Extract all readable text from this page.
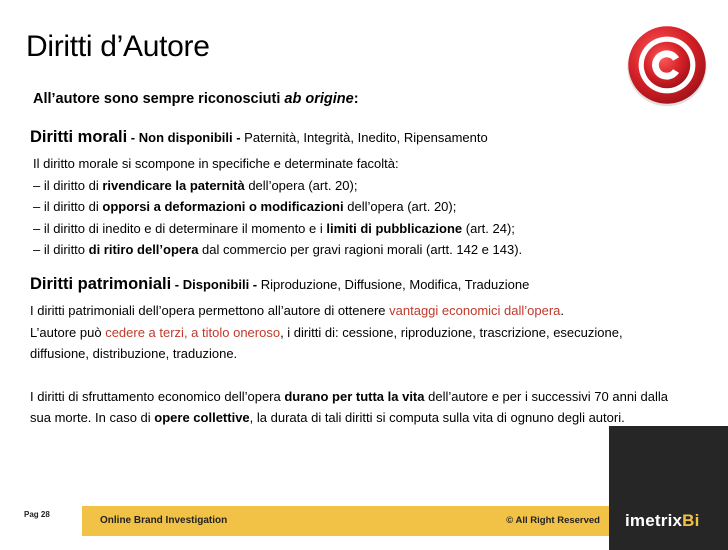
Diritti d’Autore
All’autore sono sempre riconosciuti ab origine:
Diritti morali - Non disponibili - Paternità, Integrità, Inedito, Ripensamento
Il diritto morale si scompone in specifiche e determinate facoltà:
– il diritto di rivendicare la paternità dell’opera (art. 20);
– il diritto di opporsi a deformazioni o modificazioni dell’opera (art. 20);
– il diritto di inedito e di determinare il momento e i limiti di pubblicazione (art. 24);
– il diritto di ritiro dell’opera dal commercio per gravi ragioni morali (artt. 142 e 143).
Diritti patrimoniali - Disponibili - Riproduzione, Diffusione, Modifica, Traduzione
I diritti patrimoniali dell’opera permettono all’autore di ottenere vantaggi economici dall’opera.
L’autore può cedere a terzi, a titolo oneroso, i diritti di: cessione, riproduzione, trascrizione, esecuzione, diffusione, distribuzione, traduzione.
I diritti di sfruttamento economico dell’opera durano per tutta la vita dell’autore e per i successivi 70 anni dalla sua morte. In caso di opere collettive, la durata di tali diritti si computa sulla vita di ognuno degli autori.
Pag 28
Online Brand Investigation	© All Right Reserved imetrixBi
